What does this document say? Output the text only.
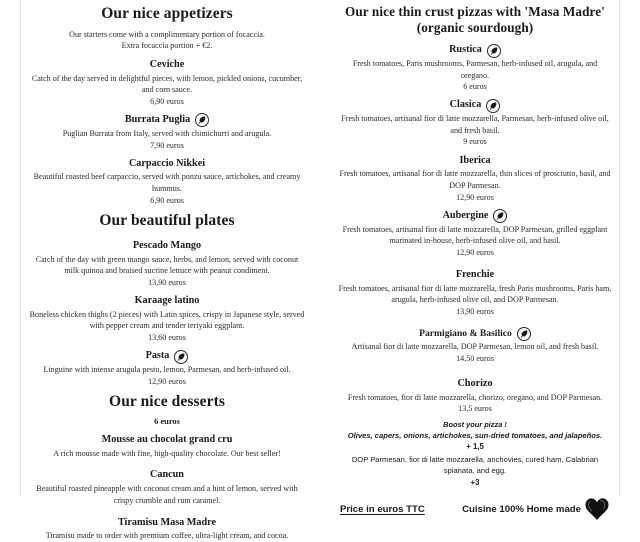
Our nice appetizers

Our starters come with a complimentary portion of focaccia.
Extra focaccia portion + €2.

Ceviche

Catch of the day served in delightful pieces, with lemon, pickled onions, cucumber, and corn sauce.

6,90 euros

Burrata Puglia

Puglian Burrata from Italy, served with chimichurri and arugula.

7,90 euros

Carpaccio Nikkei

Beautiful roasted beef carpaccio, served with ponzu sauce, artichokes, and creamy hummus.

6,90 euros

Our beautiful plates
Pescado Mango

Catch of the day with green mango sauce, herbs, and lemon, served with coconut milk quinoa and braised sucrine lettuce with peanut condiment.

13,90 euros

Karaage latino

Boneless chicken thighs (2 pieces) with Latin spices, crispy in Japanese style, served with pepper cream and tender teriyaki eggplant.

13,60 euros

Pasta

Linguine with intense arugula pesto, lemon, Parmesan, and herb-infused oil.

12,90 euros

Our nice desserts

6 euros

Mousse au chocolat grand cru

A rich mousse made with fine, high-quality chocolate. Our best seller!

Cancun

Beautiful roasted pineapple with coconut cream and a hint of lemon, served with crispy crumble and rum caramel.

Tiramisu Masa Madre

Tiramisu made to order with premium coffee, ultra-light cream, and cocoa.

Our nice thin crust pizzas with 'Masa Madre'
(organic sourdough)
Rustica

Fresh tomatoes, Paris mushrooms, Parmesan, herb-infused oil, arugula, and oregano.

6 euros

Clasica

Fresh tomatoes, artisanal fior di latte mozzarella, Parmesan, herb-infused olive oil, and fresh basil.

9 euros

Iberica

Fresh tomatoes, artisanal fior di latte mozzarella, thin slices of prosciutto, basil, and DOP Parmesan.

12,90 euros

Aubergine

Fresh tomatoes, artisanal fior di latte mozzarella, DOP Parmesan, grilled eggplant marinated in-house, herb-infused olive oil, and basil.

12,90 euros

Frenchie

Fresh tomatoes, artisanal fior di latte mozzarella, fresh Paris mushrooms, Paris ham, arugula, herb-infused olive oil, and DOP Parmesan.

13,90 euros

Parmigiano & Basilico

Artisanal fior di latte mozzarella, DOP Parmesan, lemon oil, and fresh basil.

14,50 euros

Chorizo

Fresh tomatoes, fior di latte mozzarella, chorizo, oregano, and DOP Parmesan.

13,5 euros

Boost your pizza !

Olives, capers, onions, artichokes, sun-dried tomatoes, and jalapeños.

+ 1,5

DOP Parmesan, fior di latte mozzarella, anchovies, cured ham, Calabrian spianata, and egg.

+3

Price in euros TTC	Cuisine 100% Home made
